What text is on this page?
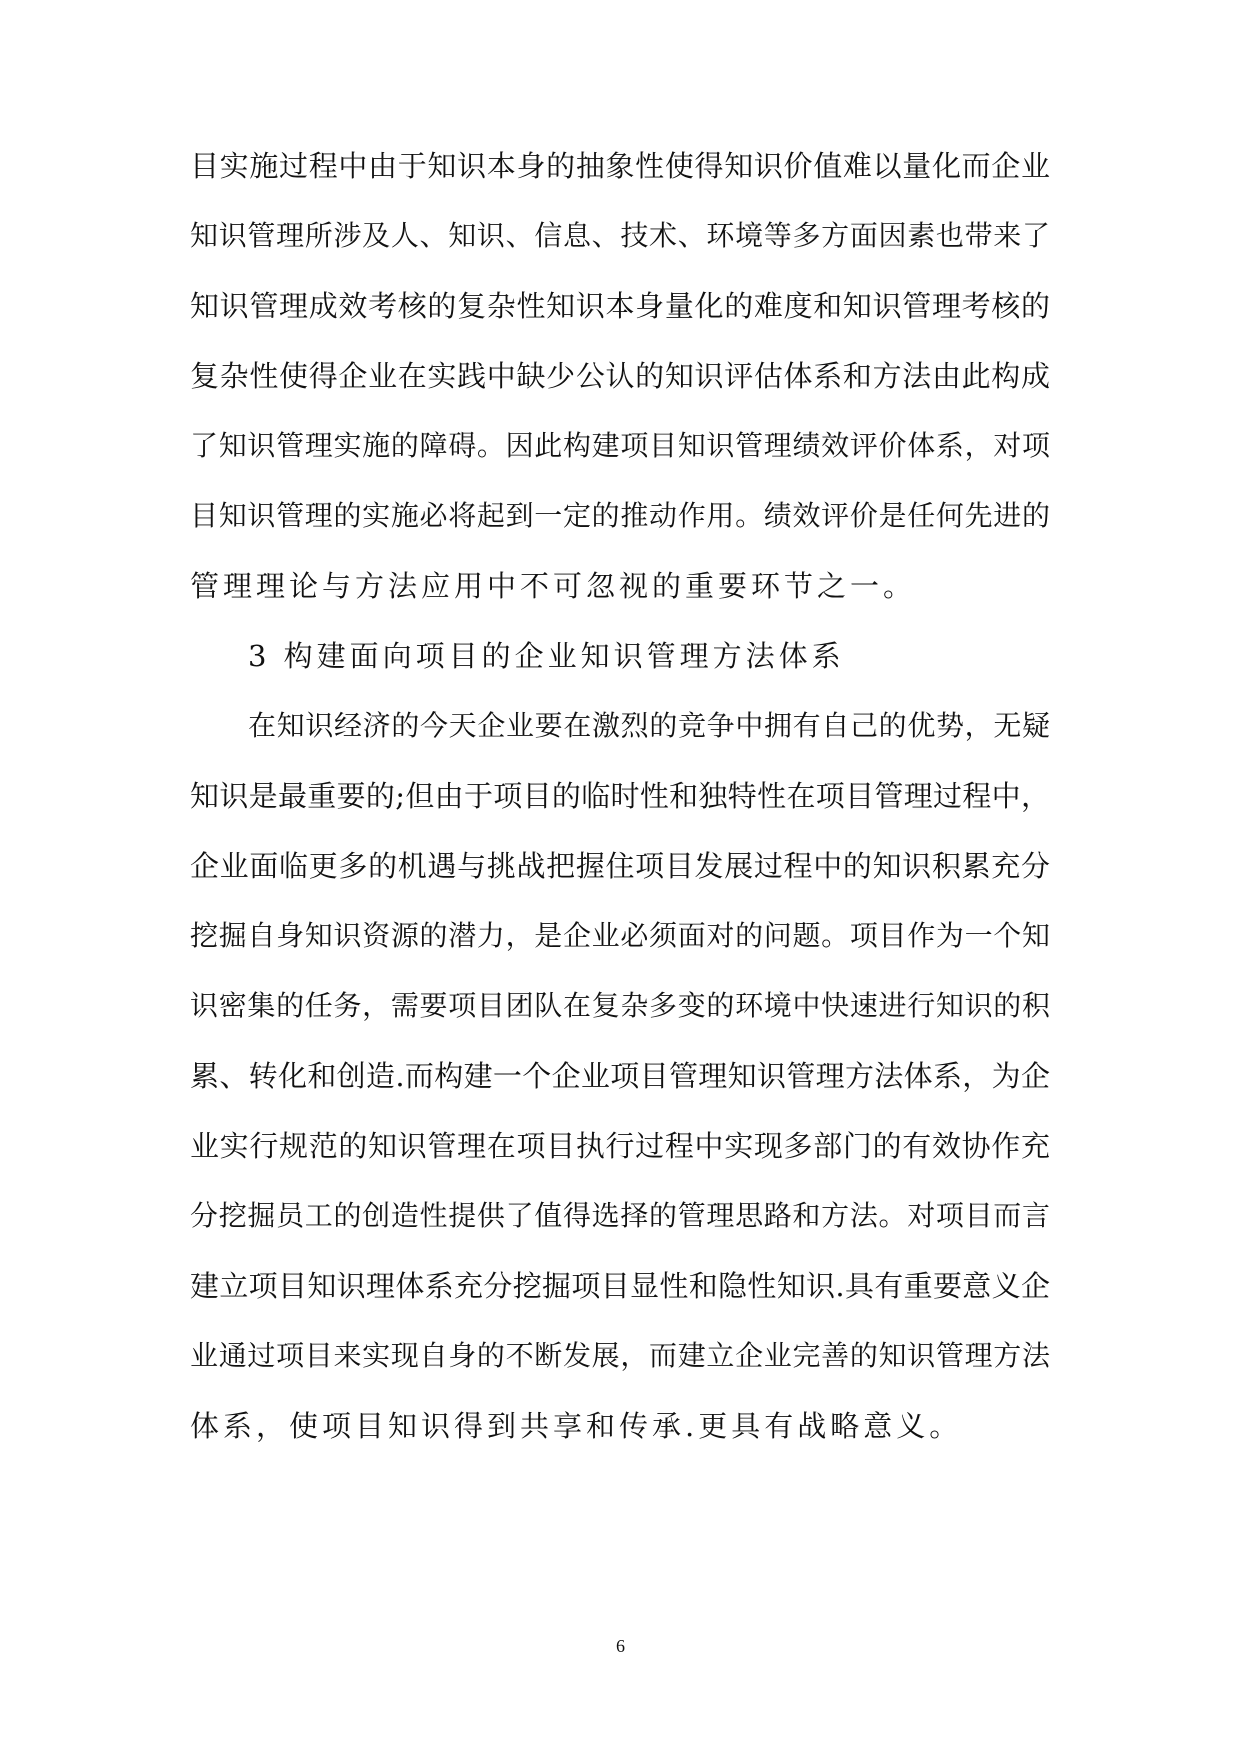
目实施过程中由于知识本身的抽象性使得知识价值难以量化而企业
知识管理所涉及人、知识、信息、技术、环境等多方面因素也带来了
知识管理成效考核的复杂性知识本身量化的难度和知识管理考核的
复杂性使得企业在实践中缺少公认的知识评估体系和方法由此构成
了知识管理实施的障碍。因此构建项目知识管理绩效评价体系，对项
目知识管理的实施必将起到一定的推动作用。绩效评价是任何先进的
管理理论与方法应用中不可忽视的重要环节之一。
3 构建面向项目的企业知识管理方法体系
在知识经济的今天企业要在激烈的竞争中拥有自己的优势，无疑
知识是最重要的;但由于项目的临时性和独特性在项目管理过程中，
企业面临更多的机遇与挑战把握住项目发展过程中的知识积累充分
挖掘自身知识资源的潜力，是企业必须面对的问题。项目作为一个知
识密集的任务，需要项目团队在复杂多变的环境中快速进行知识的积
累、转化和创造.而构建一个企业项目管理知识管理方法体系，为企
业实行规范的知识管理在项目执行过程中实现多部门的有效协作充
分挖掘员工的创造性提供了值得选择的管理思路和方法。对项目而言
建立项目知识理体系充分挖掘项目显性和隐性知识.具有重要意义企
业通过项目来实现自身的不断发展，而建立企业完善的知识管理方法
体系，使项目知识得到共享和传承.更具有战略意义。
6
